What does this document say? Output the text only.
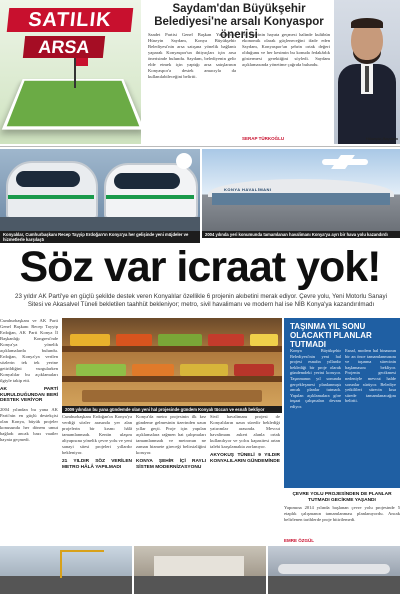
SATILIK
ARSA
Saydam'dan Büyükşehir Belediyesi'ne arsalı Konyaspor önerisi
Saadet Partisi Genel Başkan Yardımcısı Hüseyin Saydam, Konya Büyükşehir Belediyesi'nin arsa satışına yönelik bağlantı yaparak Konyaspor'un ihtiyaçları için arsa önerisinde bulundu. Saydam, belediyenin gelir elde etmek için yaptığı arsa satışlarının Konyaspor'a destek amacıyla da kullanılabileceğini belirtti.
Bu önerinin hayata geçmesi halinde kulübün ekonomik olarak güçleneceğini ifade eden Saydam, Konyaspor'un şehrin ortak değeri olduğunu ve her kesimin bu konuda fedakârlık göstermesi gerektiğini söyledi. Saydam açıklamasında yönetime çağrıda bulundu.
SERAP TÜRKOĞLU	Hüseyin Saydam
KONYA HAVALİMANI
Konyalılar, Cumhurbaşkanı Recep Tayyip Erdoğan'ın Konya'ya her gelişinde yeni müjdeler ve hizmetlerle karşılaştı
2004 yılında yeri konumunda tamamlanan havalimanı Konya'ya ayrı bir hava yolu kazandırdı
Söz var icraat yok!
23 yıldır AK Parti'ye en güçlü şekilde destek veren Konyalılar özellikle 6 projenin akıbetini merak ediyor. Çevre yolu, Yeni Motorlu Sanayi Sitesi ve Akasalvel Tüneli bekletilen taahhüt bekleniyor; metro, sivil havalimanı ve modern hal ise NİB Konya'ya kazandırılmadı
Cumhurbaşkanı ve AK Parti Genel Başkanı Recep Tayyip Erdoğan, AK Parti Konya İl Başkanlığı Kongresi'nde Konya'ya yönelik açıklamalarda bulundu. Erdoğan, Konya'ya verilen sözlerin tek tek yerine getirildiğini vurgularken Konyalılar bu açıklamaları ilgiyle takip etti.
AK PARTİ KURULDUĞUNDAN BERİ DESTEK VERİYOR
2004 yılından bu yana AK Parti'nin en güçlü destekçisi olan Konya, büyük projeler konusunda her dönem umut bağladı ancak bazı vaatler hayata geçmedi.
2009 yılından bu yana gündemde olan yeni hal projesinde gündem Konyalı tüccarı ve esnafı bekliyor
TAŞINMA YIL SONU OLACAKTI PLANLAR TUTMADI
Konya Büyükşehir Belediyesi'nin yeni hal projesi esnafın yıllardır beklediği bir proje olarak gündemdeki yerini koruyor. Taşınmanın yıl sonunda gerçekleşmesi planlanmıştı ancak planlar tutmadı. Yapılan açıklamalara göre inşaat çalışmaları devam ediyor.
Esnaf, modern hal binasının bir an önce tamamlanmasını ve taşınma sürecinin başlamasını bekliyor. Projenin gecikmesi nedeniyle mevcut halde sorunlar sürüyor. Belediye yetkilileri sürecin kısa sürede tamamlanacağını belirtti.
Cumhurbaşkanı Erdoğan'ın Konya'ya verdiği sözler arasında yer alan projelerin bir kısmı hâlâ tamamlanmadı. Kentin ulaşım altyapısına yönelik çevre yolu ve yeni sanayi sitesi projeleri yıllardır bekleniyor.
21 YILDIR SÖZ VERİLEN METRO HÂLÂ YAPILMADI
Konya'da metro projesinin ilk kez gündeme gelmesinin üzerinden uzun yıllar geçti. Proje için yapılan açıklamalara rağmen hat çalışmaları tamamlanmadı ve metronun ne zaman hizmete gireceği belirsizliğini koruyor.
KONYA ŞEHİR İÇİ RAYLI SİSTEM MODERNİZASYONU
Sivil havalimanı projesi de Konyalıların uzun süredir beklediği yatırımlar arasında. Mevcut havalimanı askeri alanla ortak kullanılıyor ve yolcu kapasitesi artan talebi karşılamakta zorlanıyor.
AKYOKUŞ TÜNELİ 9 YILDIR KONYALILARIN GÜNDEMİNDE
ÇEVRE YOLU PROJESİNDEN DE PLANLAR TUTMADI GECİKME YAŞANDI
Yapımına 2014 yılında başlanan çevre yolu projesinde 5 etaplık çalışmanın tamamlanması planlanıyordu. Ancak belirlenen tarihlerde proje bitirilemedi.
EMRE ÖZGÜL
